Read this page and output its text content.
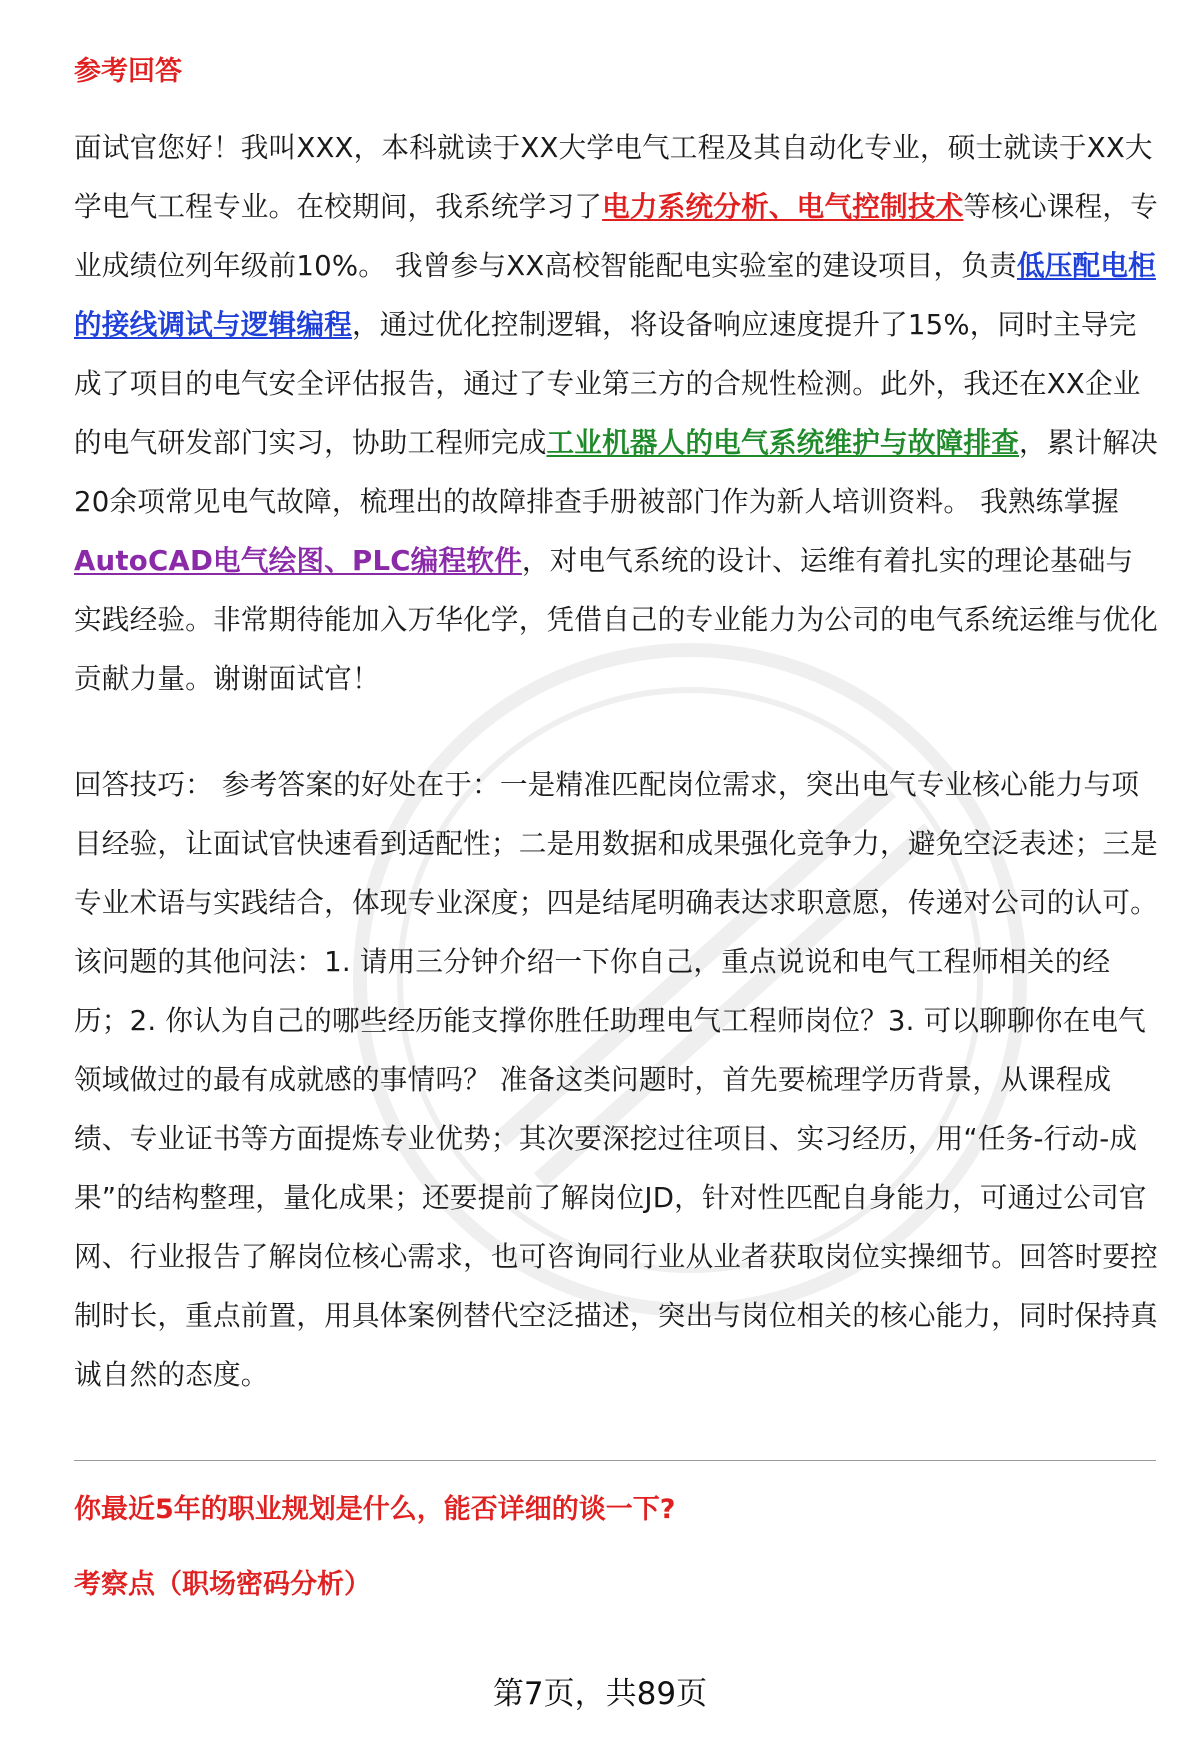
参考回答

面试官您好！我叫XXX，本科就读于XX大学电气工程及其自动化专业，硕士就读于XX大学电气工程专业。在校期间，我系统学习了电力系统分析、电气控制技术等核心课程，专业成绩位列年级前10%。 我曾参与XX高校智能配电实验室的建设项目，负责低压配电柜的接线调试与逻辑编程，通过优化控制逻辑，将设备响应速度提升了15%，同时主导完成了项目的电气安全评估报告，通过了专业第三方的合规性检测。此外，我还在XX企业的电气研发部门实习，协助工程师完成工业机器人的电气系统维护与故障排查，累计解决20余项常见电气故障，梳理出的故障排查手册被部门作为新人培训资料。 我熟练掌握AutoCAD电气绘图、PLC编程软件，对电气系统的设计、运维有着扎实的理论基础与实践经验。非常期待能加入万华化学，凭借自己的专业能力为公司的电气系统运维与优化贡献力量。谢谢面试官！

回答技巧： 参考答案的好处在于：一是精准匹配岗位需求，突出电气专业核心能力与项目经验，让面试官快速看到适配性；二是用数据和成果强化竞争力，避免空泛表述；三是专业术语与实践结合，体现专业深度；四是结尾明确表达求职意愿，传递对公司的认可。 该问题的其他问法：1. 请用三分钟介绍一下你自己，重点说说和电气工程师相关的经历；2. 你认为自己的哪些经历能支撑你胜任助理电气工程师岗位？3. 可以聊聊你在电气领域做过的最有成就感的事情吗？ 准备这类问题时，首先要梳理学历背景，从课程成绩、专业证书等方面提炼专业优势；其次要深挖过往项目、实习经历，用“任务-行动-成果”的结构整理，量化成果；还要提前了解岗位JD，针对性匹配自身能力，可通过公司官网、行业报告了解岗位核心需求，也可咨询同行业从业者获取岗位实操细节。回答时要控制时长，重点前置，用具体案例替代空泛描述，突出与岗位相关的核心能力，同时保持真诚自然的态度。

你最近5年的职业规划是什么，能否详细的谈一下?
考察点（职场密码分析）
第7页，共89页
